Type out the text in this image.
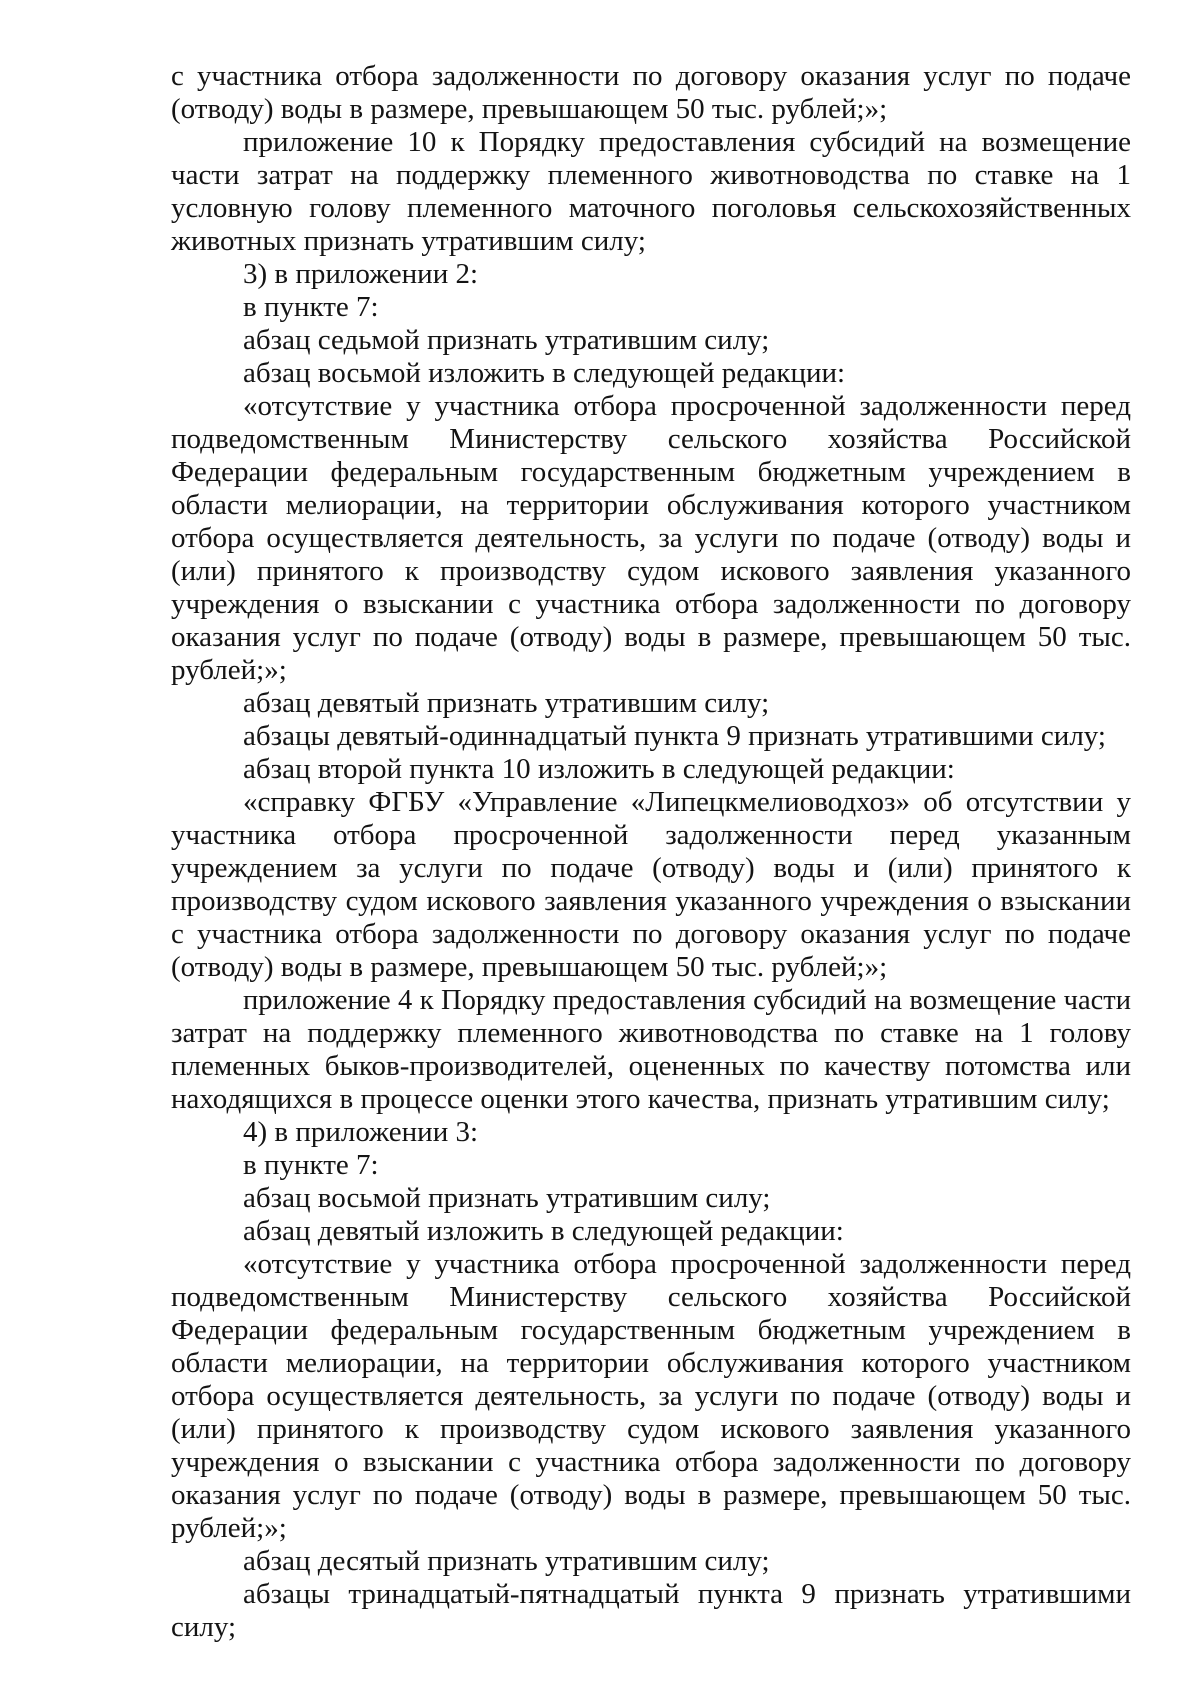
с участника отбора задолженности по договору оказания услуг по подаче
(отводу) воды в размере, превышающем 50 тыс. рублей;»;
приложение 10 к Порядку предоставления субсидий на возмещение
части затрат на поддержку племенного животноводства по ставке на 1
условную голову племенного маточного поголовья сельскохозяйственных
животных признать утратившим силу;
3) в приложении 2:
в пункте 7:
абзац седьмой признать утратившим силу;
абзац восьмой изложить в следующей редакции:
«отсутствие у участника отбора просроченной задолженности перед
подведомственным Министерству сельского хозяйства Российской
Федерации федеральным государственным бюджетным учреждением в
области мелиорации, на территории обслуживания которого участником
отбора осуществляется деятельность, за услуги по подаче (отводу) воды и
(или) принятого к производству судом искового заявления указанного
учреждения о взыскании с участника отбора задолженности по договору
оказания услуг по подаче (отводу) воды в размере, превышающем 50 тыс.
рублей;»;
абзац девятый признать утратившим силу;
абзацы девятый-одиннадцатый пункта 9 признать утратившими силу;
абзац второй пункта 10 изложить в следующей редакции:
«справку ФГБУ «Управление «Липецкмелиоводхоз» об отсутствии у
участника отбора просроченной задолженности перед указанным
учреждением за услуги по подаче (отводу) воды и (или) принятого к
производству судом искового заявления указанного учреждения о взыскании
с участника отбора задолженности по договору оказания услуг по подаче
(отводу) воды в размере, превышающем 50 тыс. рублей;»;
приложение 4 к Порядку предоставления субсидий на возмещение части
затрат на поддержку племенного животноводства по ставке на 1 голову
племенных быков-производителей, оцененных по качеству потомства или
находящихся в процессе оценки этого качества, признать утратившим силу;
4) в приложении 3:
в пункте 7:
абзац восьмой признать утратившим силу;
абзац девятый изложить в следующей редакции:
«отсутствие у участника отбора просроченной задолженности перед
подведомственным Министерству сельского хозяйства Российской
Федерации федеральным государственным бюджетным учреждением в
области мелиорации, на территории обслуживания которого участником
отбора осуществляется деятельность, за услуги по подаче (отводу) воды и
(или) принятого к производству судом искового заявления указанного
учреждения о взыскании с участника отбора задолженности по договору
оказания услуг по подаче (отводу) воды в размере, превышающем 50 тыс.
рублей;»;
абзац десятый признать утратившим силу;
абзацы тринадцатый-пятнадцатый пункта 9 признать утратившими
силу;
